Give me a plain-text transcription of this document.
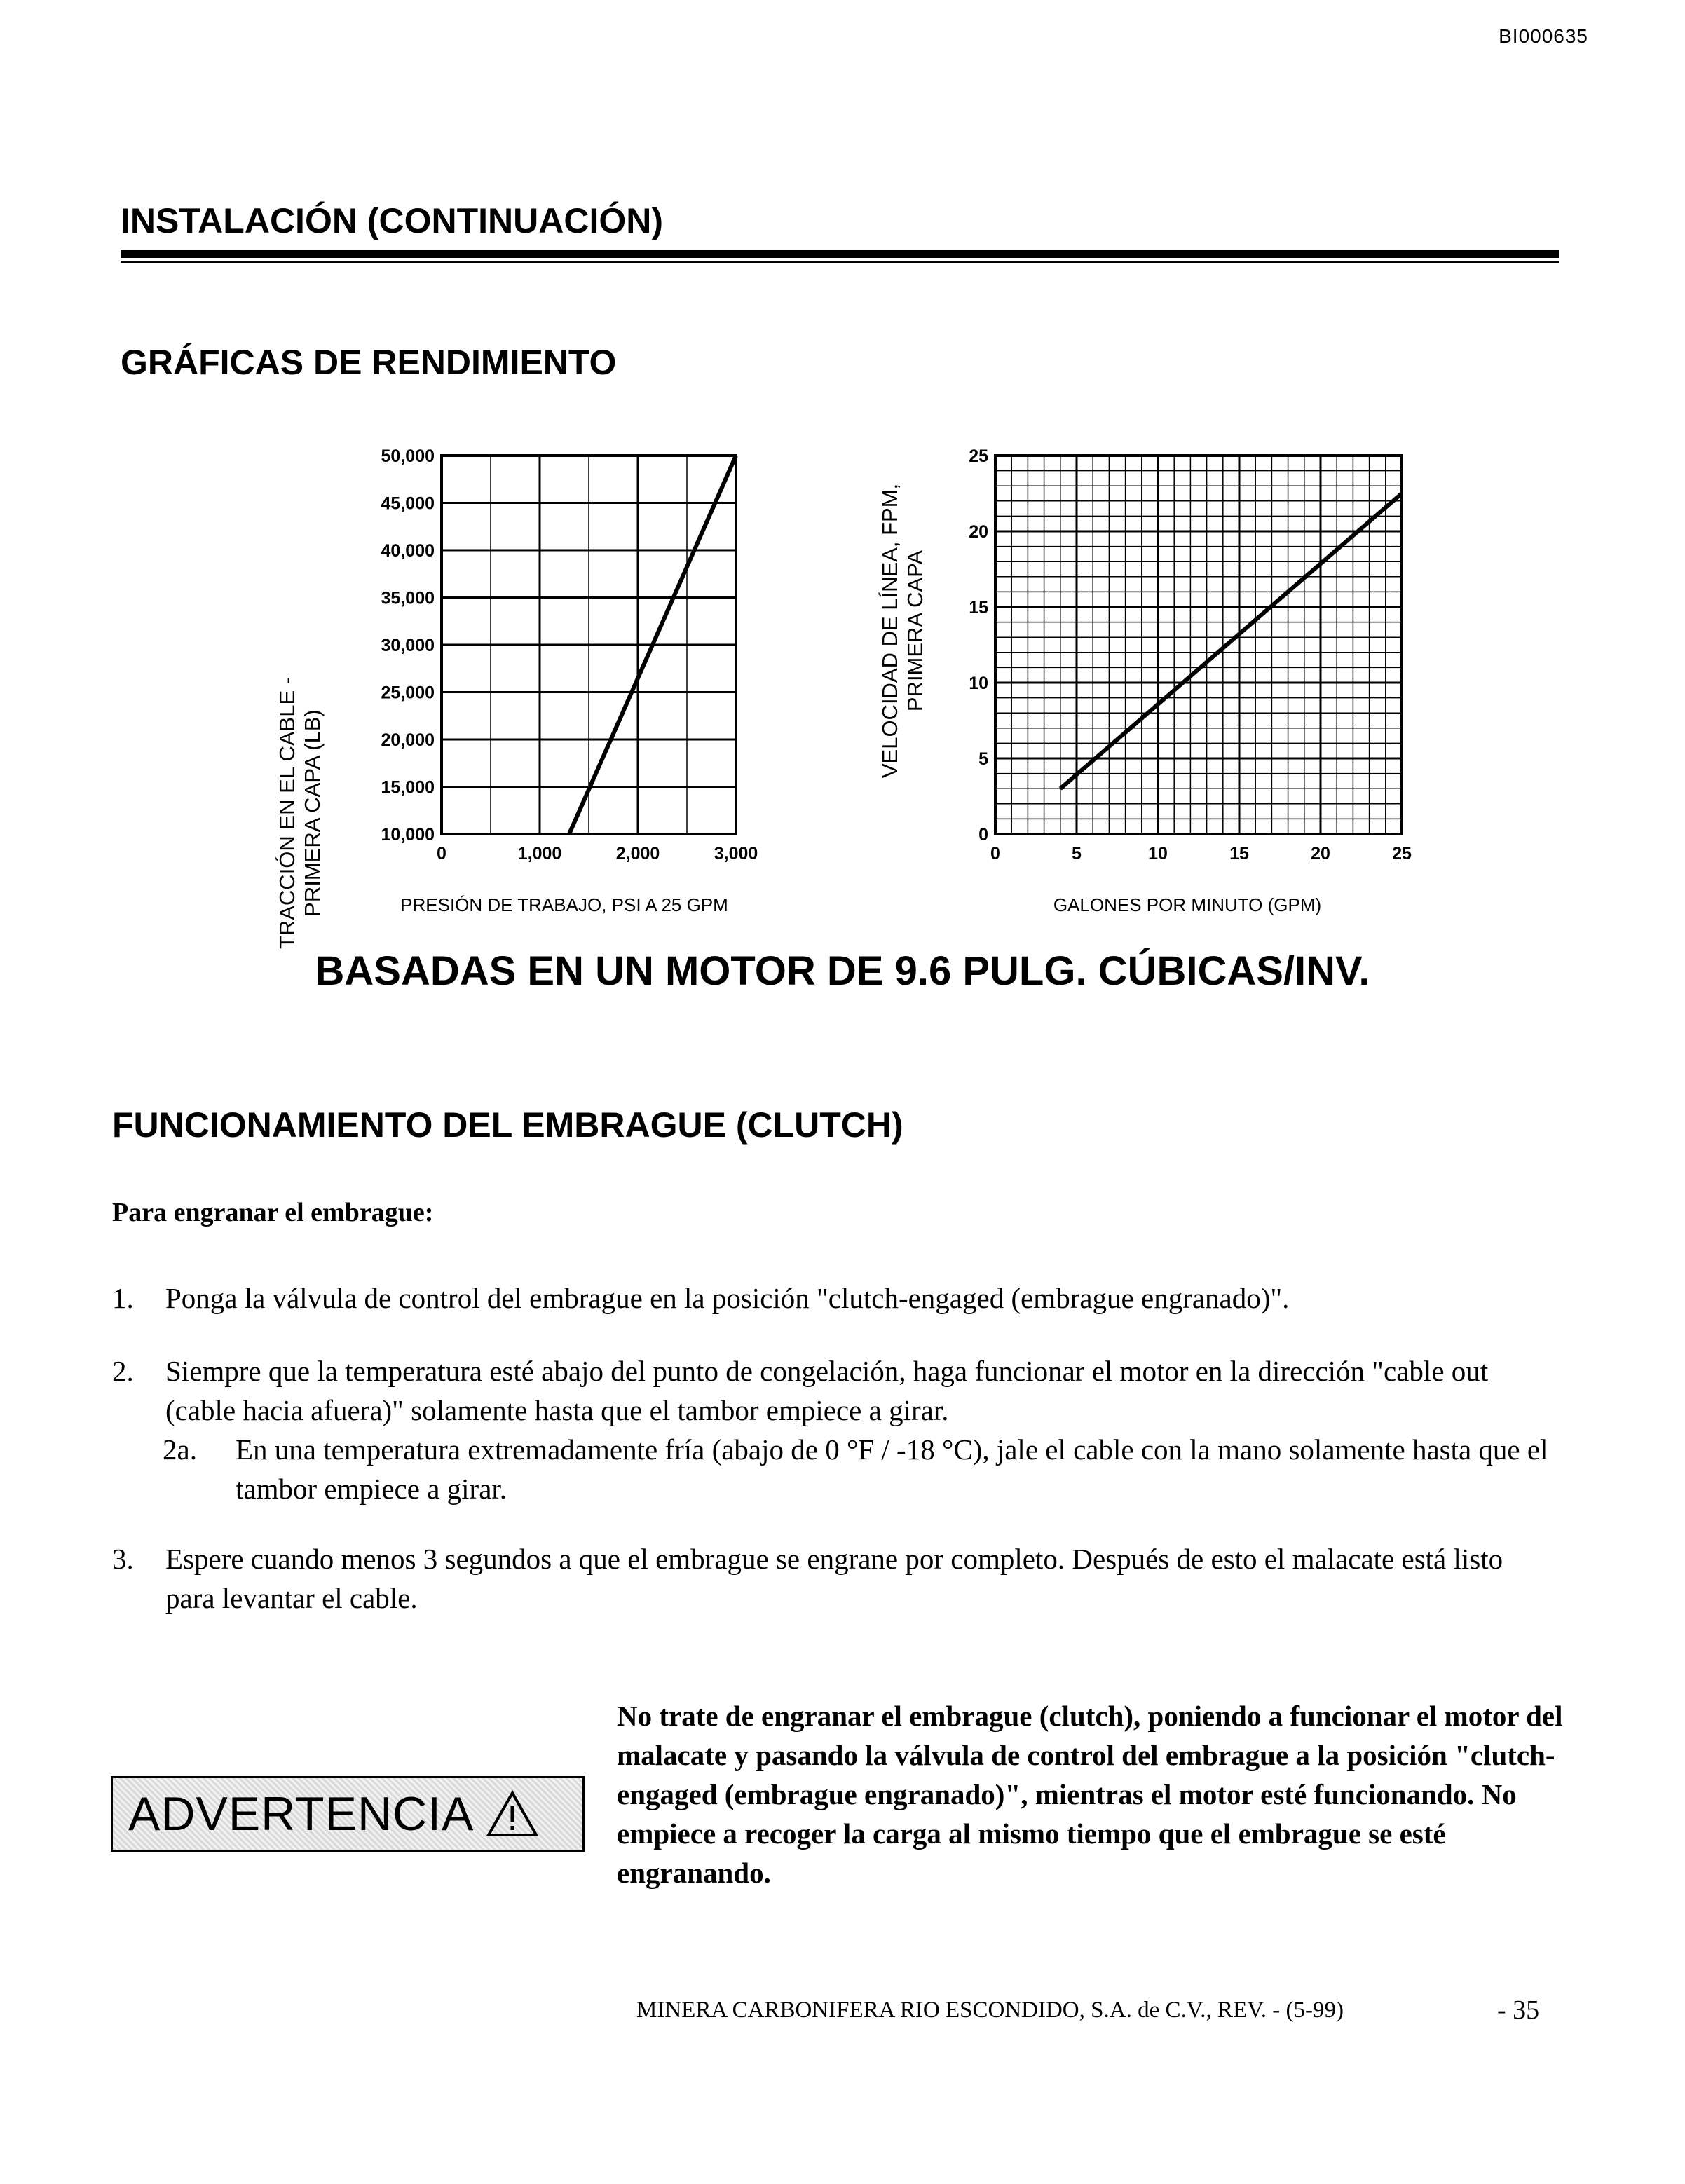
BI000635
INSTALACIÓN (CONTINUACIÓN)
GRÁFICAS DE RENDIMIENTO
TRACCIÓN EN EL CABLE - PRIMERA CAPA (LB)	10,000
15,000
20,000
25,000
30,000
35,000
40,000
45,000
50,000
0	1,000	2,000	3,000
PRESIÓN DE TRABAJO, PSI A 25 GPM
VELOCIDAD DE LÍNEA, FPM, PRIMERA CAPA
0
5
10
15
20
25
0	5	10	15	20	25
GALONES POR MINUTO (GPM)
BASADAS EN UN MOTOR DE 9.6 PULG. CÚBICAS/INV.
FUNCIONAMIENTO DEL EMBRAGUE (CLUTCH)
Para engranar el embrague:
1. Ponga la válvula de control del embrague en la posición "clutch-engaged (embrague engranado)".
2. Siempre que la temperatura esté abajo del punto de congelación, haga funcionar el motor en la dirección "cable out (cable hacia afuera)" solamente hasta que el tambor empiece a girar.
2a. En una temperatura extremadamente fría (abajo de 0 °F / -18 °C), jale el cable con la mano solamente hasta que el tambor empiece a girar.
3. Espere cuando menos 3 segundos a que el embrague se engrane por completo. Después de esto el malacate está listo para levantar el cable.
ADVERTENCIA
No trate de engranar el embrague (clutch), poniendo a funcionar el motor del malacate y pasando la válvula de control del embrague a la posición "clutch-engaged (embrague engranado)", mientras el motor esté funcionando. No empiece a recoger la carga al mismo tiempo que el embrague se esté engranando.
MINERA CARBONIFERA RIO ESCONDIDO, S.A. de C.V., REV. - (5-99)	- 35
